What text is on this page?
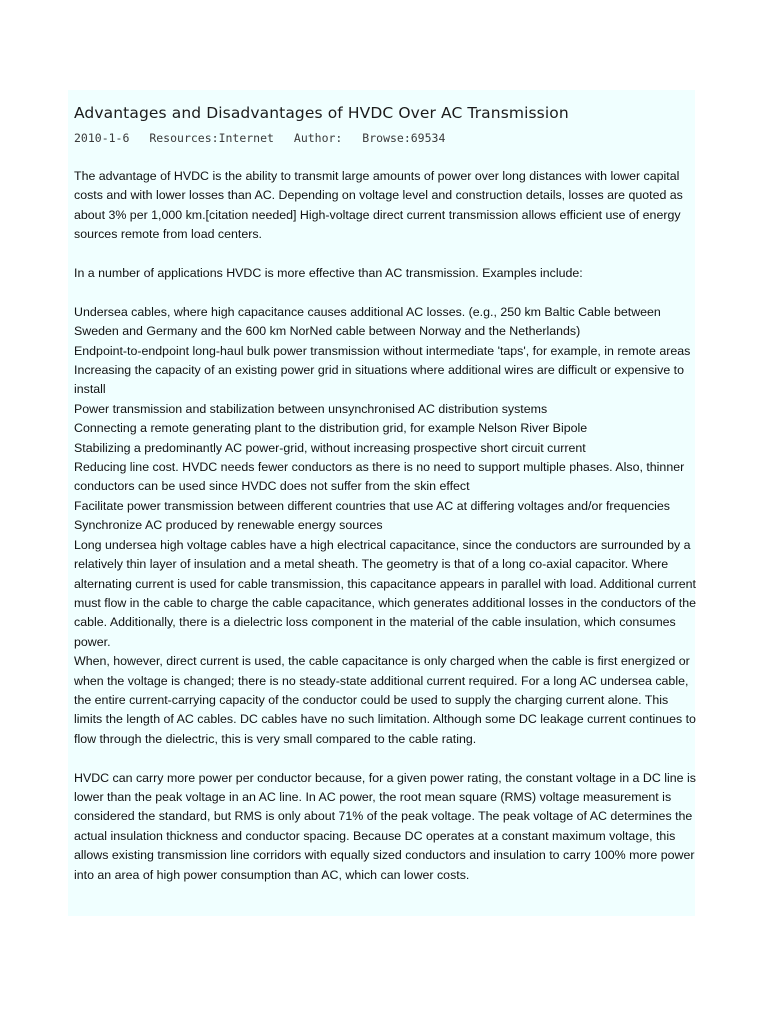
Advantages and Disadvantages of HVDC Over AC Transmission
2010-1-6 Resources:Internet Author: Browse:69534

The advantage of HVDC is the ability to transmit large amounts of power over long distances with lower capital costs and with lower losses than AC. Depending on voltage level and construction details, losses are quoted as about 3% per 1,000 km.[citation needed] High-voltage direct current transmission allows efficient use of energy sources remote from load centers.

In a number of applications HVDC is more effective than AC transmission. Examples include:

Undersea cables, where high capacitance causes additional AC losses. (e.g., 250 km Baltic Cable between Sweden and Germany and the 600 km NorNed cable between Norway and the Netherlands)

Endpoint-to-endpoint long-haul bulk power transmission without intermediate 'taps', for example, in remote areas

Increasing the capacity of an existing power grid in situations where additional wires are difficult or expensive to install

Power transmission and stabilization between unsynchronised AC distribution systems

Connecting a remote generating plant to the distribution grid, for example Nelson River Bipole

Stabilizing a predominantly AC power-grid, without increasing prospective short circuit current

Reducing line cost. HVDC needs fewer conductors as there is no need to support multiple phases. Also, thinner conductors can be used since HVDC does not suffer from the skin effect

Facilitate power transmission between different countries that use AC at differing voltages and/or frequencies

Synchronize AC produced by renewable energy sources

Long undersea high voltage cables have a high electrical capacitance, since the conductors are surrounded by a relatively thin layer of insulation and a metal sheath. The geometry is that of a long co-axial capacitor. Where alternating current is used for cable transmission, this capacitance appears in parallel with load. Additional current must flow in the cable to charge the cable capacitance, which generates additional losses in the conductors of the cable. Additionally, there is a dielectric loss component in the material of the cable insulation, which consumes power.

When, however, direct current is used, the cable capacitance is only charged when the cable is first energized or when the voltage is changed; there is no steady-state additional current required. For a long AC undersea cable, the entire current-carrying capacity of the conductor could be used to supply the charging current alone. This limits the length of AC cables. DC cables have no such limitation. Although some DC leakage current continues to flow through the dielectric, this is very small compared to the cable rating.

HVDC can carry more power per conductor because, for a given power rating, the constant voltage in a DC line is lower than the peak voltage in an AC line. In AC power, the root mean square (RMS) voltage measurement is considered the standard, but RMS is only about 71% of the peak voltage. The peak voltage of AC determines the actual insulation thickness and conductor spacing. Because DC operates at a constant maximum voltage, this allows existing transmission line corridors with equally sized conductors and insulation to carry 100% more power into an area of high power consumption than AC, which can lower costs.
